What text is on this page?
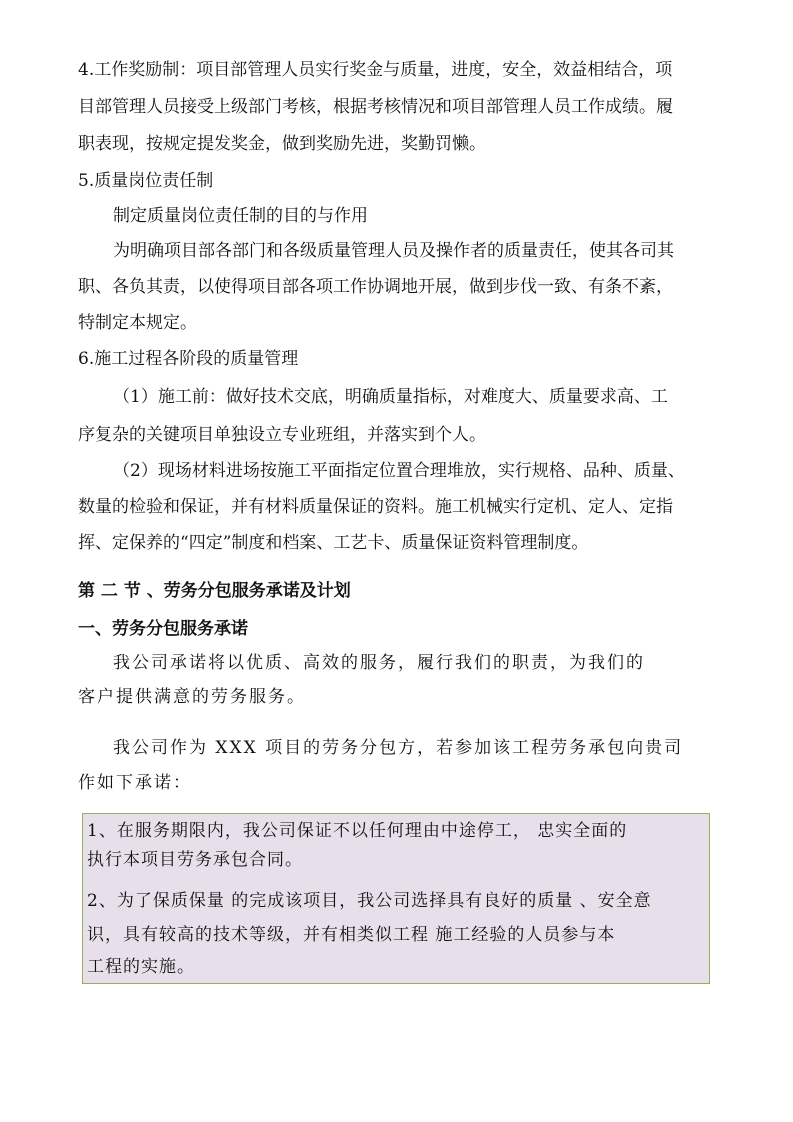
4.工作奖励制：项目部管理人员实行奖金与质量，进度，安全，效益相结合，项
目部管理人员接受上级部门考核，根据考核情况和项目部管理人员工作成绩。履
职表现，按规定提发奖金，做到奖励先进，奖勤罚懒。
5.质量岗位责任制
制定质量岗位责任制的目的与作用
为明确项目部各部门和各级质量管理人员及操作者的质量责任，使其各司其
职、各负其责，以使得项目部各项工作协调地开展，做到步伐一致、有条不紊，
特制定本规定。
6.施工过程各阶段的质量管理
（1）施工前：做好技术交底，明确质量指标，对难度大、质量要求高、工
序复杂的关键项目单独设立专业班组，并落实到个人。
（2）现场材料进场按施工平面指定位置合理堆放，实行规格、品种、质量、
数量的检验和保证，并有材料质量保证的资料。施工机械实行定机、定人、定指
挥、定保养的“四定”制度和档案、工艺卡、质量保证资料管理制度。
第 二 节 、劳务分包服务承诺及计划
一、劳务分包服务承诺
我公司承诺将以优质、高效的服务，履行我们的职责，为我们的
客户提供满意的劳务服务。
我公司作为 XXX 项目的劳务分包方，若参加该工程劳务承包向贵司
作如下承诺：
1、在服务期限内，我公司保证不以任何理由中途停工， 忠实全面的
执行本项目劳务承包合同。
2、为了保质保量 的完成该项目，我公司选择具有良好的质量 、安全意
识，具有较高的技术等级，并有相类似工程 施工经验的人员参与本
工程的实施。
